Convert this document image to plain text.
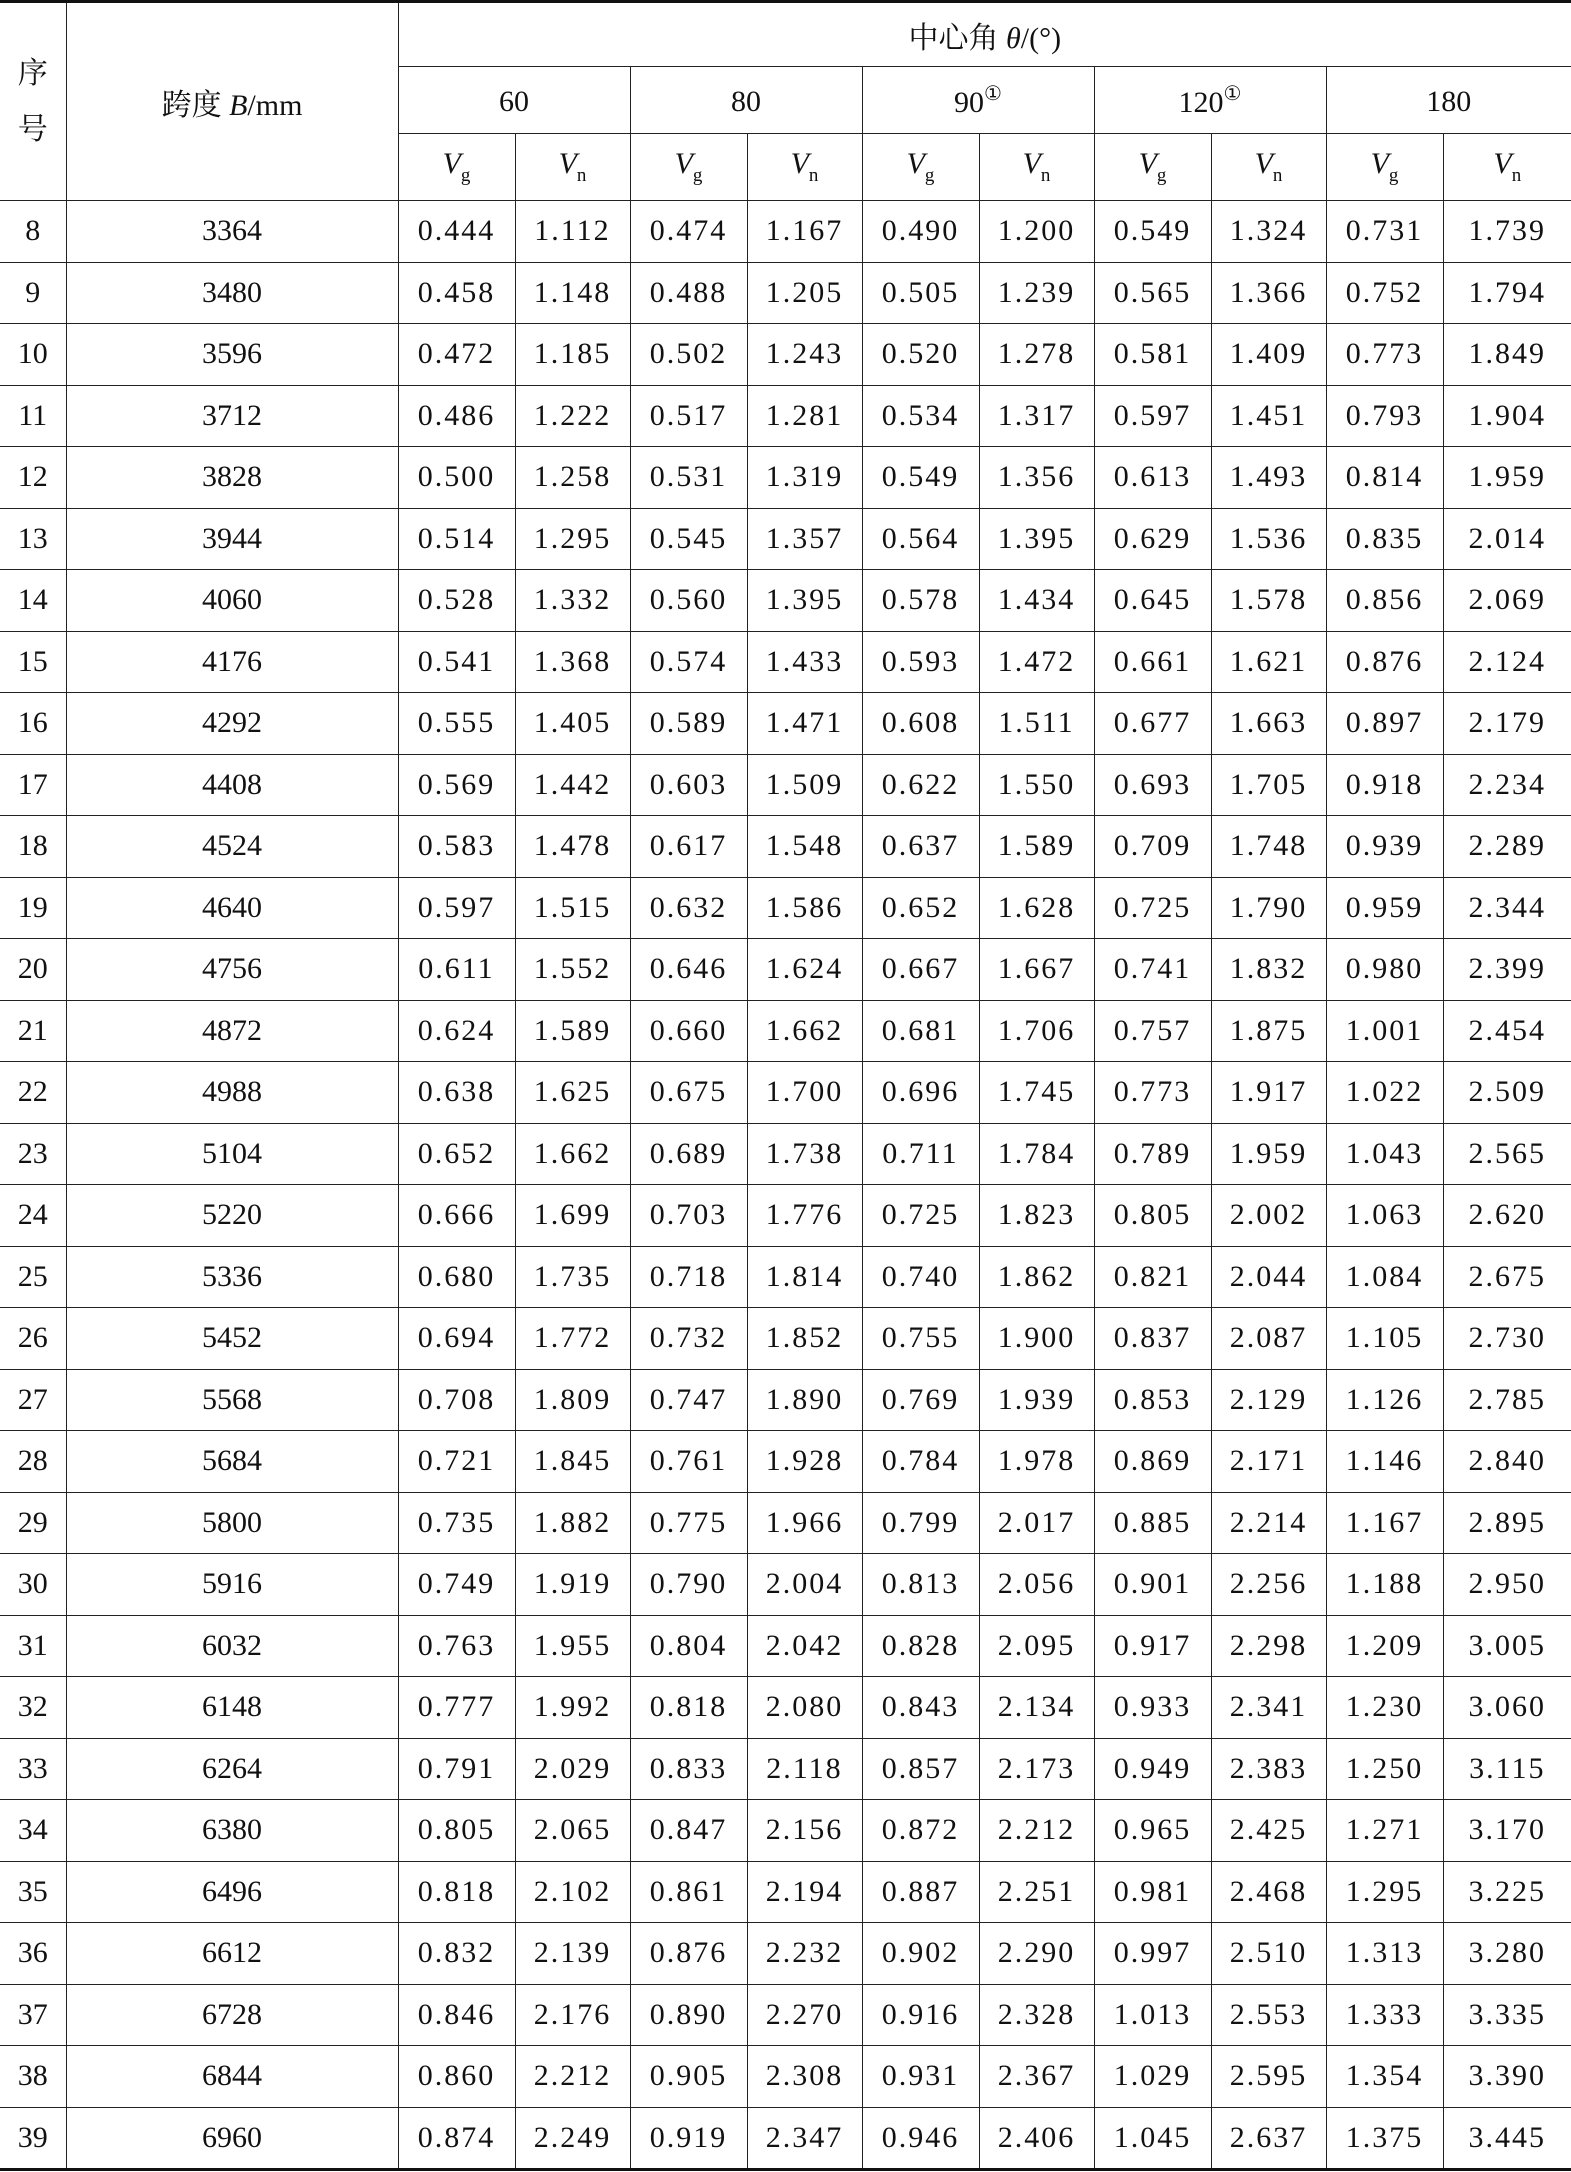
序
号	跨度 B/mm	中心角 θ/(°)									
		60		80		90①		120①		180	
		$V_g$	$V_n$	$V_g$	$V_n$	$V_g$	$V_n$	$V_g$	$V_n$	$V_g$	$V_n$
8	3364	0.444	1.112	0.474	1.167	0.490	1.200	0.549	1.324	0.731	1.739
9	3480	0.458	1.148	0.488	1.205	0.505	1.239	0.565	1.366	0.752	1.794
10	3596	0.472	1.185	0.502	1.243	0.520	1.278	0.581	1.409	0.773	1.849
11	3712	0.486	1.222	0.517	1.281	0.534	1.317	0.597	1.451	0.793	1.904
12	3828	0.500	1.258	0.531	1.319	0.549	1.356	0.613	1.493	0.814	1.959
13	3944	0.514	1.295	0.545	1.357	0.564	1.395	0.629	1.536	0.835	2.014
14	4060	0.528	1.332	0.560	1.395	0.578	1.434	0.645	1.578	0.856	2.069
15	4176	0.541	1.368	0.574	1.433	0.593	1.472	0.661	1.621	0.876	2.124
16	4292	0.555	1.405	0.589	1.471	0.608	1.511	0.677	1.663	0.897	2.179
17	4408	0.569	1.442	0.603	1.509	0.622	1.550	0.693	1.705	0.918	2.234
18	4524	0.583	1.478	0.617	1.548	0.637	1.589	0.709	1.748	0.939	2.289
19	4640	0.597	1.515	0.632	1.586	0.652	1.628	0.725	1.790	0.959	2.344
20	4756	0.611	1.552	0.646	1.624	0.667	1.667	0.741	1.832	0.980	2.399
21	4872	0.624	1.589	0.660	1.662	0.681	1.706	0.757	1.875	1.001	2.454
22	4988	0.638	1.625	0.675	1.700	0.696	1.745	0.773	1.917	1.022	2.509
23	5104	0.652	1.662	0.689	1.738	0.711	1.784	0.789	1.959	1.043	2.565
24	5220	0.666	1.699	0.703	1.776	0.725	1.823	0.805	2.002	1.063	2.620
25	5336	0.680	1.735	0.718	1.814	0.740	1.862	0.821	2.044	1.084	2.675
26	5452	0.694	1.772	0.732	1.852	0.755	1.900	0.837	2.087	1.105	2.730
27	5568	0.708	1.809	0.747	1.890	0.769	1.939	0.853	2.129	1.126	2.785
28	5684	0.721	1.845	0.761	1.928	0.784	1.978	0.869	2.171	1.146	2.840
29	5800	0.735	1.882	0.775	1.966	0.799	2.017	0.885	2.214	1.167	2.895
30	5916	0.749	1.919	0.790	2.004	0.813	2.056	0.901	2.256	1.188	2.950
31	6032	0.763	1.955	0.804	2.042	0.828	2.095	0.917	2.298	1.209	3.005
32	6148	0.777	1.992	0.818	2.080	0.843	2.134	0.933	2.341	1.230	3.060
33	6264	0.791	2.029	0.833	2.118	0.857	2.173	0.949	2.383	1.250	3.115
34	6380	0.805	2.065	0.847	2.156	0.872	2.212	0.965	2.425	1.271	3.170
35	6496	0.818	2.102	0.861	2.194	0.887	2.251	0.981	2.468	1.295	3.225
36	6612	0.832	2.139	0.876	2.232	0.902	2.290	0.997	2.510	1.313	3.280
37	6728	0.846	2.176	0.890	2.270	0.916	2.328	1.013	2.553	1.333	3.335
38	6844	0.860	2.212	0.905	2.308	0.931	2.367	1.029	2.595	1.354	3.390
39	6960	0.874	2.249	0.919	2.347	0.946	2.406	1.045	2.637	1.375	3.445
